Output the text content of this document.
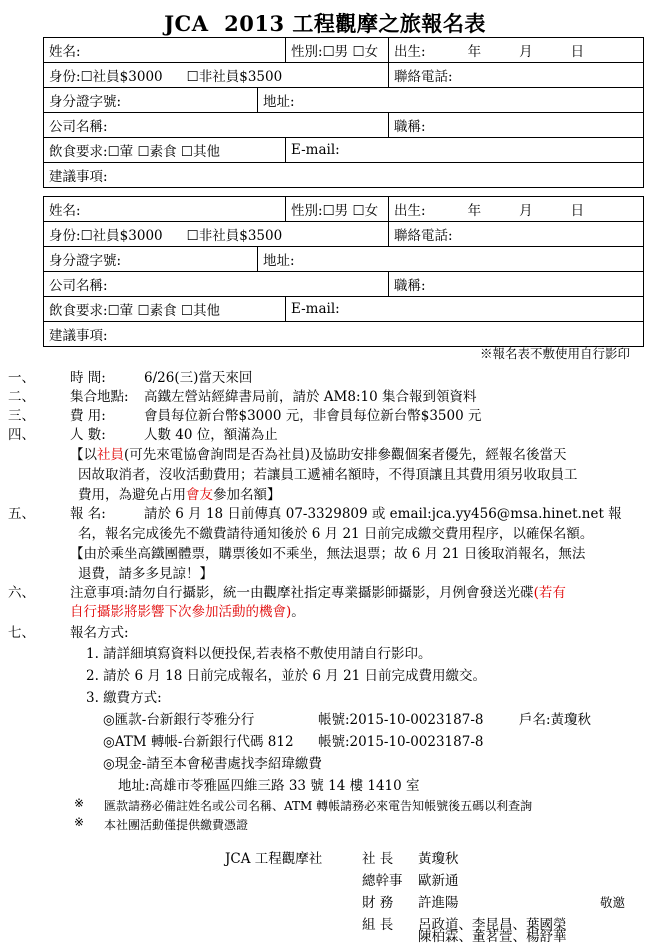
JCA  2013 工程觀摩之旅報名表
姓名:		性別:☐男 ☐女	出生: 年 月 日
身份:☐社員$3000 ☐非社員$3500			聯絡電話:
身分證字號:	地址:		
公司名稱:			職稱:
飲食要求:☐葷 ☐素食 ☐其他		E-mail:	
建議事項:			
姓名:		性別:☐男 ☐女	出生: 年 月 日
身份:☐社員$3000 ☐非社員$3500			聯絡電話:
身分證字號:	地址:		
公司名稱:			職稱:
飲食要求:☐葷 ☐素食 ☐其他		E-mail:	
建議事項:			
※報名表不敷使用自行影印
一、	時 間:	6/26(三)當天來回
二、	集合地點: 高鐵左營站經緯書局前，請於 AM8:10 集合報到領資料
三、	費 用:	會員每位新台幣$3000 元，非會員每位新台幣$3500 元
四、	人 數:	人數 40 位，額滿為止
【以社員(可先來電協會詢問是否為社員)及協助安排參觀個案者優先，經報名後當天
因故取消者，沒收活動費用；若讓員工遞補名額時，不得頂讓且其費用須另收取員工
費用，為避免占用會友參加名額】
五、	報 名:	請於 6 月 18 日前傳真 07-3329809 或 email:jca.yy456@msa.hinet.net 報
名，報名完成後先不繳費請待通知後於 6 月 21 日前完成繳交費用程序，以確保名額。
【由於乘坐高鐵團體票，購票後如不乘坐，無法退票；故 6 月 21 日後取消報名，無法
退費，請多多見諒！】
六、	注意事項:請勿自行攝影，統一由觀摩社指定專業攝影師攝影，月例會發送光碟(若有
自行攝影將影響下次參加活動的機會)。
七、	報名方式:
1. 請詳細填寫資料以便投保,若表格不敷使用請自行影印。
2. 請於 6 月 18 日前完成報名，並於 6 月 21 日前完成費用繳交。
3. 繳費方式:
◎匯款-台新銀行苓雅分行	帳號:2015-10-0023187-8	戶名:黃瓊秋
◎ATM 轉帳-台新銀行代碼 812 帳號:2015-10-0023187-8
◎現金-請至本會秘書處找李紹瑋繳費
地址:高雄市苓雅區四維三路 33 號 14 樓 1410 室
※ 匯款請務必備註姓名或公司名稱、ATM 轉帳請務必來電告知帳號後五碼以利查詢
※ 本社團活動僅提供繳費憑證
JCA 工程觀摩社	社 長 黃瓊秋
總幹事 歐新通
財 務 許進陽	敬邀
組 長 呂政道、李昆昌、葉國榮
陳柏霖、董茗萱、楊舒華
